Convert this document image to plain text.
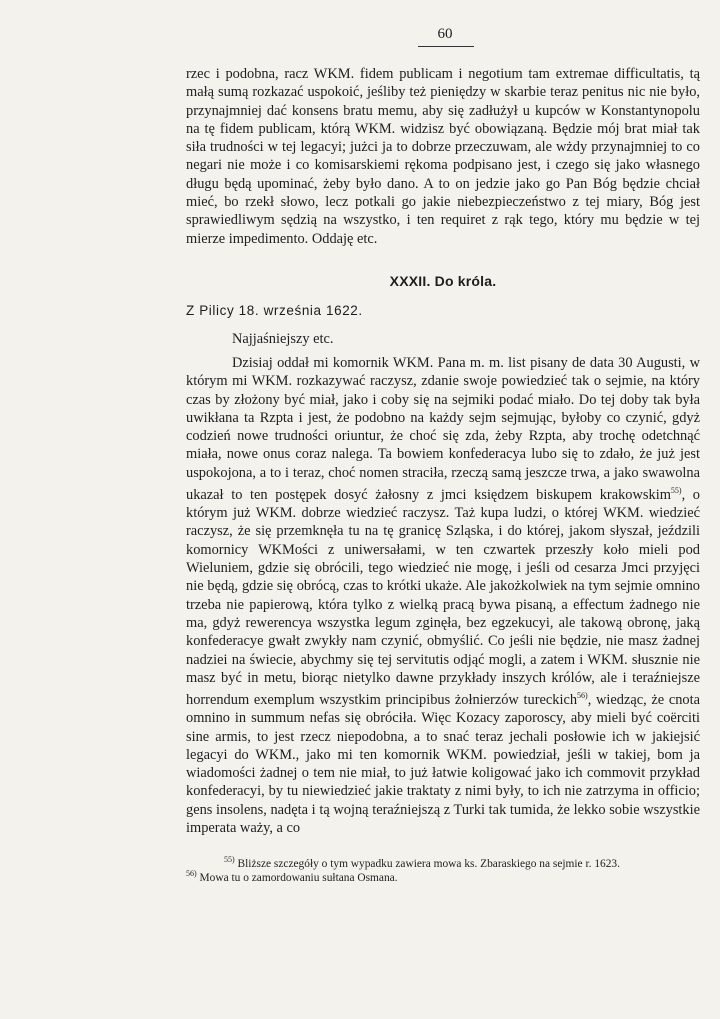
60

rzec i podobna, racz WKM. fidem publicam i negotium tam extremae difficultatis, tą małą sumą rozkazać uspokoić, jeśliby też pieniędzy w skarbie teraz penitus nic nie było, przynajmniej dać konsens bratu memu, aby się zadłużył u kupców w Konstantynopolu na tę fidem publicam, którą WKM. widzisz być obowiązaną. Będzie mój brat miał tak siła trudności w tej legacyi; jużci ja to dobrze przeczuwam, ale wżdy przynajmniej to co negari nie może i co komisarskiemi rękoma podpisano jest, i czego się jako własnego długu będą upominać, żeby było dano. A to on jedzie jako go Pan Bóg będzie chciał mieć, bo rzekł słowo, lecz potkali go jakie niebezpieczeństwo z tej miary, Bóg jest sprawiedliwym sędzią na wszystko, i ten requiret z rąk tego, który mu będzie w tej mierze impedimento. Oddaję etc.

XXXII. Do króla.
Z Pilicy 18. września 1622.
Najjaśniejszy etc.

Dzisiaj oddał mi komornik WKM. Pana m. m. list pisany de data 30 Augusti, w którym mi WKM. rozkazywać raczysz, zdanie swoje powiedzieć tak o sejmie, na który czas by złożony być miał, jako i coby się na sejmiki podać miało. Do tej doby tak była uwikłana ta Rzpta i jest, że podobno na każdy sejm sejmując, byłoby co czynić, gdyż codzień nowe trudności oriuntur, że choć się zda, żeby Rzpta, aby trochę odetchnąć miała, nowe onus coraz nalega. Ta bowiem konfederacya lubo się to zdało, że już jest uspokojona, a to i teraz, choć nomen straciła, rzeczą samą jeszcze trwa, a jako swawolna ukazał to ten postępek dosyć żałosny z jmci księdzem biskupem krakowskim$^{55)}$, o którym już WKM. dobrze wiedzieć raczysz. Taż kupa ludzi, o której WKM. wiedzieć raczysz, że się przemknęła tu na tę granicę Szląska, i do której, jakom słyszał, jeździli komornicy WKMości z uniwersałami, w ten czwartek przeszły koło mieli pod Wieluniem, gdzie się obrócili, tego wiedzieć nie mogę, i jeśli od cesarza Jmci przyjęci nie będą, gdzie się obrócą, czas to krótki ukaże. Ale jakożkolwiek na tym sejmie omnino trzeba nie papierową, która tylko z wielką pracą bywa pisaną, a effectum żadnego nie ma, gdyż rewerencya wszystka legum zginęła, bez egzekucyi, ale takową obronę, jaką konfederacye gwałt zwykły nam czynić, obmyślić. Co jeśli nie będzie, nie masz żadnej nadziei na świecie, abychmy się tej servitutis odjąć mogli, a zatem i WKM. słusznie nie masz być in metu, biorąc nietylko dawne przykłady inszych królów, ale i teraźniejsze horrendum exemplum wszystkim principibus żołnierzów tureckich$^{56)}$, wiedząc, że cnota omnino in summum nefas się obróciła. Więc Kozacy zaporoscy, aby mieli być coërciti sine armis, to jest rzecz niepodobna, a to snać teraz jechali posłowie ich w jakiejsić legacyi do WKM., jako mi ten komornik WKM. powiedział, jeśli w takiej, bom ja wiadomości żadnej o tem nie miał, to już łatwie koligować jako ich commovit przykład konfederacyi, by tu niewiedzieć jakie traktaty z nimi były, to ich nie zatrzyma in officio; gens insolens, nadęta i tą wojną teraźniejszą z Turki tak tumida, że lekko sobie wszystkie imperata waży, a co

$^{55)}$ Bliższe szczegóły o tym wypadku zawiera mowa ks. Zbaraskiego na sejmie r. 1623.

$^{56)}$ Mowa tu o zamordowaniu sułtana Osmana.
